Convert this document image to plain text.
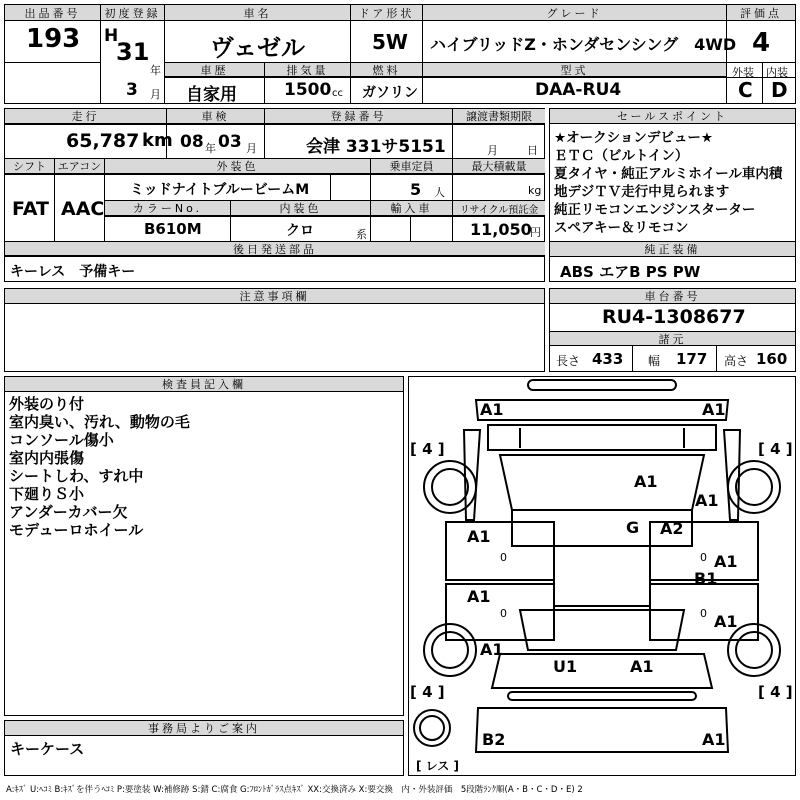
出品番号
193
初度登録
H
31
年
3 月
車名
ヴェゼル
ドア形状
5W
グレード
ハイブリッドZ・ホンダセンシング　4WD
評価点
4
車歴
自家用
排気量
1500 cc
燃料
ガソリン
型式
DAA-RU4
外装 内装
C D
走行
65,787 km
車検
08 年 03 月
登録番号
会津 331サ5151
譲渡書類期限
月	日
シフト
FAT
エアコン
AAC
外装色
ミッドナイトブルービームM
乗車定員
5 人
最大積載量
kg
カラーNo.
B610M
内装色
クロ	系
輸入車	リサイクル預託金
11,050
円
後日発送部品
キーレス　予備キー
セールスポイント
★オークションデビュー★
ＥＴＣ（ビルトイン）
夏タイヤ・純正アルミホイール車内積
地デジＴＶ走行中見られます
純正リモコンエンジンスターター
スペアキー＆リモコン
純正装備
ABS エアB PS PW
注意事項欄	車台番号
RU4-1308677
諸元
長さ 433 幅 177 高さ 160
検査員記入欄
外装のり付
室内臭い、汚れ、動物の毛
コンソール傷小
室内内張傷
シートしわ、すれ中
下廻りＳ小
アンダーカバー欠
モデューロホイール
事務局よりご案内
キーケース
A1	A1
A1
A1
G A2
A1
A1
B1
A1
A1
A1
U1	A1
B2	A1
[ 4 ]	[ 4 ]
[ 4 ]	[ 4 ]
0	0
0	0
[ レス ]
A:ｷｽﾞ U:ﾍｺﾐ B:ｷｽﾞを伴うﾍｺﾐ P:要塗装 W:補修跡 S:錆 C:腐食 G:ﾌﾛﾝﾄｶﾞﾗｽ点ｷｽﾞ XX:交換済み X:要交換　内・外装評価　5段階ﾗﾝｸ順(A・B・C・D・E) 2
